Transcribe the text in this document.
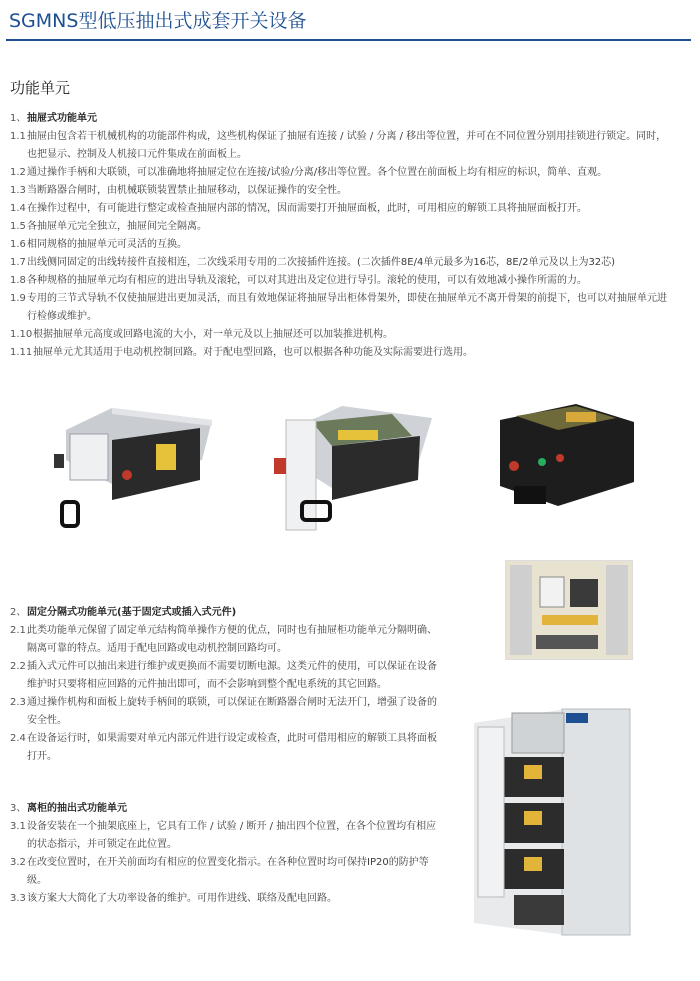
SGMNS型低压抽出式成套开关设备
功能单元
1、 抽屉式功能单元
1.1 抽屉由包含若干机械机构的功能部件构成，这些机构保证了抽屉有连接 / 试验 / 分离 / 移出等位置，并可在不同位置分别用挂锁进行锁定。同时，也把显示、控制及人机接口元件集成在前面板上。
1.2 通过操作手柄和大联锁，可以准确地将抽屉定位在连接/试验/分离/移出等位置。各个位置在前面板上均有相应的标识，简单、直观。
1.3 当断路器合闸时，由机械联锁装置禁止抽屉移动，以保证操作的安全性。
1.4 在操作过程中，有可能进行整定或检查抽屉内部的情况，因而需要打开抽屉面板，此时，可用相应的解锁工具将抽屉面板打开。
1.5 各抽屉单元完全独立，抽屉间完全隔离。
1.6 相同规格的抽屉单元可灵活的互换。
1.7 出线侧同固定的出线转接件直接相连，二次线采用专用的二次接插件连接。(二次插件8E/4单元最多为16芯，8E/2单元及以上为32芯)
1.8 各种规格的抽屉单元均有相应的进出导轨及滚轮，可以对其进出及定位进行导引。滚轮的使用，可以有效地减小操作所需的力。
1.9 专用的三节式导轨不仅使抽屉进出更加灵活，而且有效地保证将抽屉导出柜体骨架外，即使在抽屉单元不离开骨架的前提下，也可以对抽屉单元进行检修或维护。
1.10 根据抽屉单元高度或回路电流的大小，对一单元及以上抽屉还可以加装推进机构。
1.11 抽屉单元尤其适用于电动机控制回路。对于配电型回路，也可以根据各种功能及实际需要进行选用。
2、 固定分隔式功能单元(基于固定式或插入式元件)
2.1 此类功能单元保留了固定单元结构简单操作方便的优点，同时也有抽屉柜功能单元分隔明确、隔离可靠的特点。适用于配电回路或电动机控制回路均可。
2.2 插入式元件可以抽出来进行维护或更换而不需要切断电源。这类元件的使用，可以保证在设备维护时只要将相应回路的元件抽出即可，而不会影响到整个配电系统的其它回路。
2.3 通过操作机构和面板上旋转手柄间的联锁，可以保证在断路器合闸时无法开门，增强了设备的安全性。
2.4 在设备运行时，如果需要对单元内部元件进行设定或检查，此时可借用相应的解锁工具将面板打开。
3、 离柜的抽出式功能单元
3.1 设备安装在一个抽架底座上，它具有工作 / 试验 / 断开 / 抽出四个位置，在各个位置均有相应的状态指示，并可锁定在此位置。
3.2 在改变位置时，在开关前面均有相应的位置变化指示。在各种位置时均可保持IP20的防护等级。
3.3 该方案大大简化了大功率设备的维护。可用作进线、联络及配电回路。
